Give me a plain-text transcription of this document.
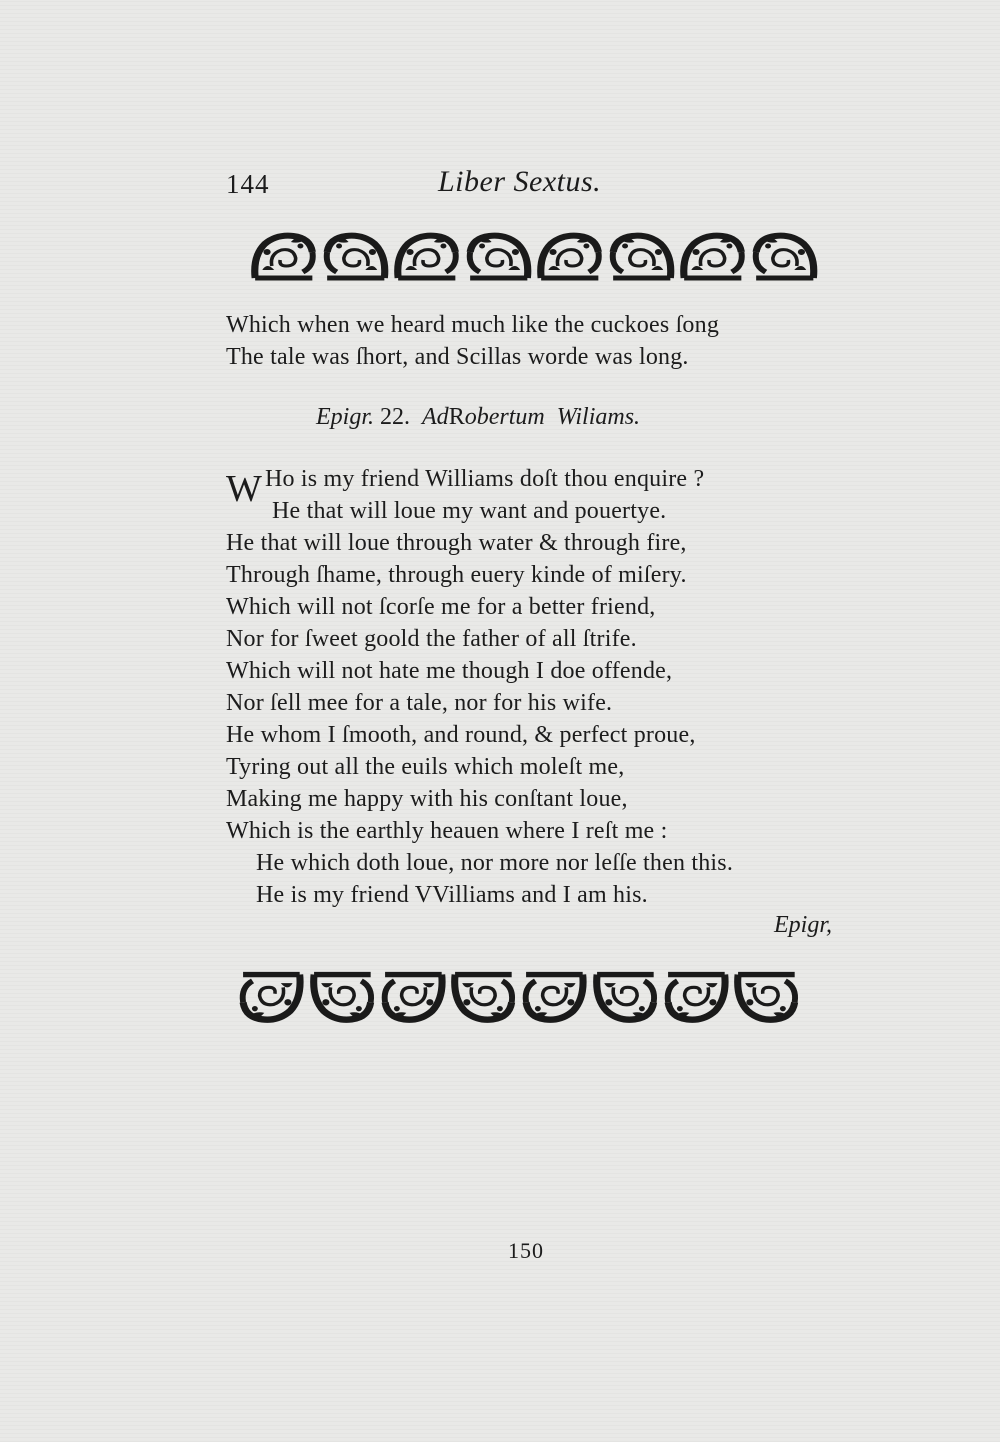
144	Liber Sextus.
Which when we heard much like the cuckoes ſong
The tale was ſhort, and Scillas worde was long.
Epigr. 22. AdRobertum Wiliams.
W Ho is my friend Williams doſt thou enquire ?
He that will loue my want and pouertye.
He that will loue through water & through fire,
Through ſhame, through euery kinde of miſery.
Which will not ſcorſe me for a better friend,
Nor for ſweet goold the father of all ſtrife.
Which will not hate me though I doe offende,
Nor ſell mee for a tale, nor for his wife.
He whom I ſmooth, and round, & perfect proue,
Tyring out all the euils which moleſt me,
Making me happy with his conſtant loue,
Which is the earthly heauen where I reſt me :
He which doth loue, nor more nor leſſe then this.
He is my friend VVilliams and I am his.
Epigr,
150
